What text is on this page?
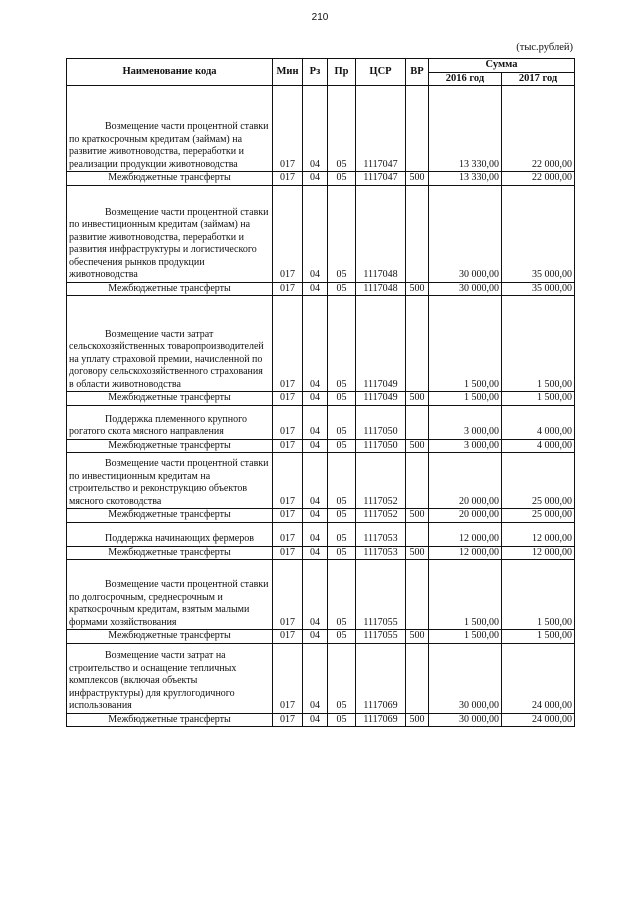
210
(тыс.рублей)
Наименование кода	Мин	Рз	Пр	ЦСР	ВР	Сумма	
						2016 год	2017 год

Возмещение части процентной ставки по краткосрочным кредитам (займам) на развитие животноводства, переработки и реализации продукции животноводства	017	04	05	1117047		13 330,00	22 000,00
Межбюджетные трансферты	017	04	05	1117047	500	13 330,00	22 000,00

Возмещение части процентной ставки по инвестиционным кредитам (займам) на развитие животноводства, переработки и развития инфраструктуры и логистического обеспечения рынков продукции животноводства	017	04	05	1117048		30 000,00	35 000,00
Межбюджетные трансферты	017	04	05	1117048	500	30 000,00	35 000,00

Возмещение части затрат сельскохозяйственных товаропроизводителей на уплату страховой премии, начисленной по договору сельскохозяйственного страхования в области животноводства	017	04	05	1117049		1 500,00	1 500,00
Межбюджетные трансферты	017	04	05	1117049	500	1 500,00	1 500,00

Поддержка племенного крупного рогатого скота мясного направления	017	04	05	1117050		3 000,00	4 000,00
Межбюджетные трансферты	017	04	05	1117050	500	3 000,00	4 000,00

Возмещение части процентной ставки по инвестиционным кредитам на строительство и реконструкцию объектов мясного скотоводства	017	04	05	1117052		20 000,00	25 000,00
Межбюджетные трансферты	017	04	05	1117052	500	20 000,00	25 000,00

Поддержка начинающих фермеров	017	04	05	1117053		12 000,00	12 000,00
Межбюджетные трансферты	017	04	05	1117053	500	12 000,00	12 000,00

Возмещение части процентной ставки по долгосрочным, среднесрочным и краткосрочным кредитам, взятым малыми формами хозяйствования	017	04	05	1117055		1 500,00	1 500,00
Межбюджетные трансферты	017	04	05	1117055	500	1 500,00	1 500,00

Возмещение части затрат на строительство и оснащение тепличных комплексов (включая объекты инфраструктуры) для круглогодичного использования	017	04	05	1117069		30 000,00	24 000,00
Межбюджетные трансферты	017	04	05	1117069	500	30 000,00	24 000,00
